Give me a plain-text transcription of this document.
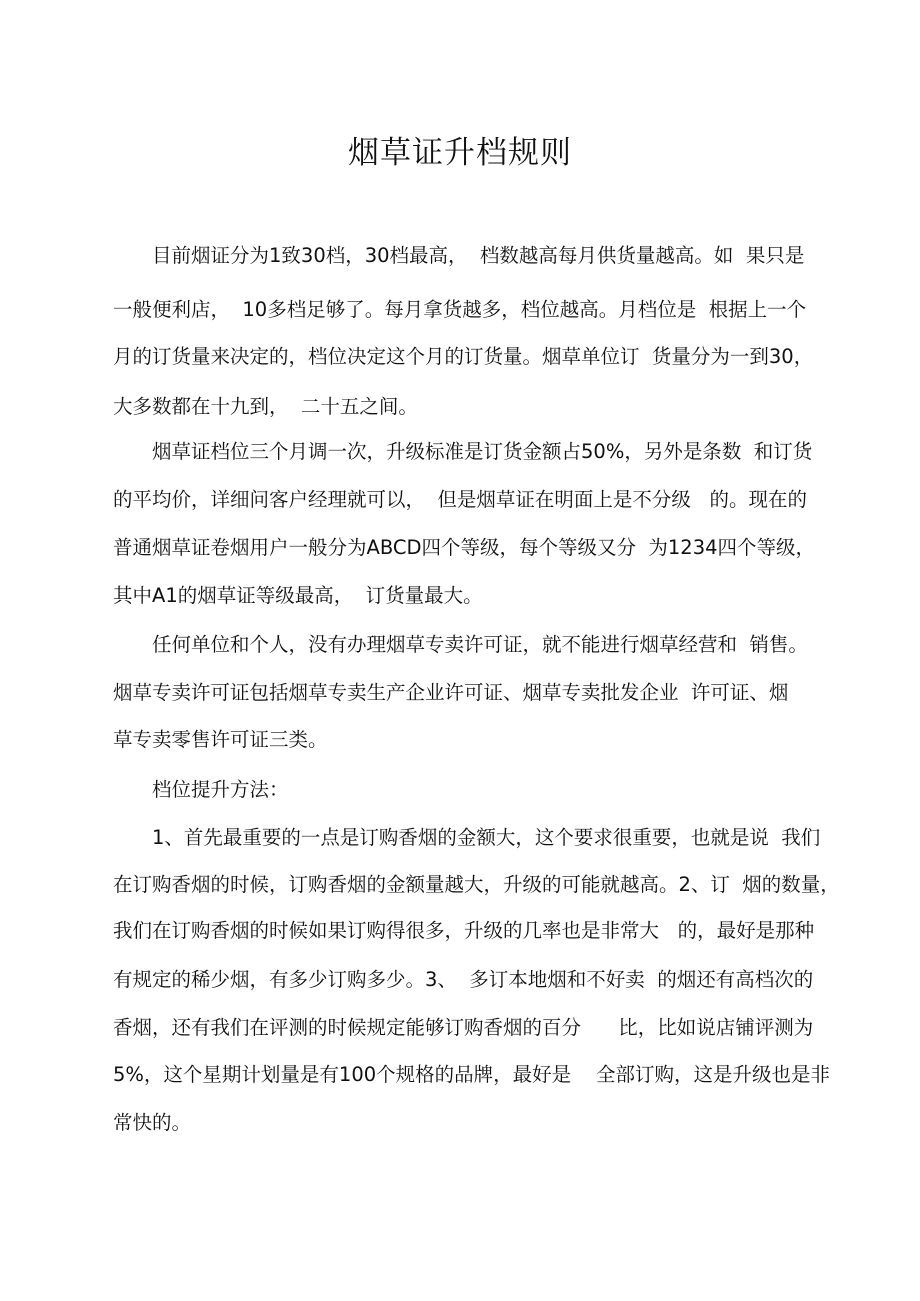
烟草证升档规则

　　目前烟证分为1致30档，30档最高，  档数越高每月供货量越高。如  果只是

一般便利店，  10多档足够了。每月拿货越多，档位越高。月档位是  根据上一个

月的订货量来决定的，档位决定这个月的订货量。烟草单位订  货量分为一到30，

大多数都在十九到，  二十五之间。

　　烟草证档位三个月调一次，升级标准是订货金额占50%，另外是条数  和订货

的平均价，详细问客户经理就可以，  但是烟草证在明面上是不分级   的。现在的

普通烟草证卷烟用户一般分为ABCD四个等级，每个等级又分  为1234四个等级，

其中A1的烟草证等级最高，  订货量最大。

　　任何单位和个人，没有办理烟草专卖许可证，就不能进行烟草经营和  销售。

烟草专卖许可证包括烟草专卖生产企业许可证、烟草专卖批发企业  许可证、烟

草专卖零售许可证三类。

　　档位提升方法：

　　1、首先最重要的一点是订购香烟的金额大，这个要求很重要，也就是说  我们

在订购香烟的时候，订购香烟的金额量越大，升级的可能就越高。2、订  烟的数量，

我们在订购香烟的时候如果订购得很多，升级的几率也是非常大   的，最好是那种

有规定的稀少烟，有多少订购多少。3、  多订本地烟和不好卖  的烟还有高档次的

香烟，还有我们在评测的时候规定能够订购香烟的百分      比，比如说店铺评测为

5%，这个星期计划量是有100个规格的品牌，最好是    全部订购，这是升级也是非

常快的。
